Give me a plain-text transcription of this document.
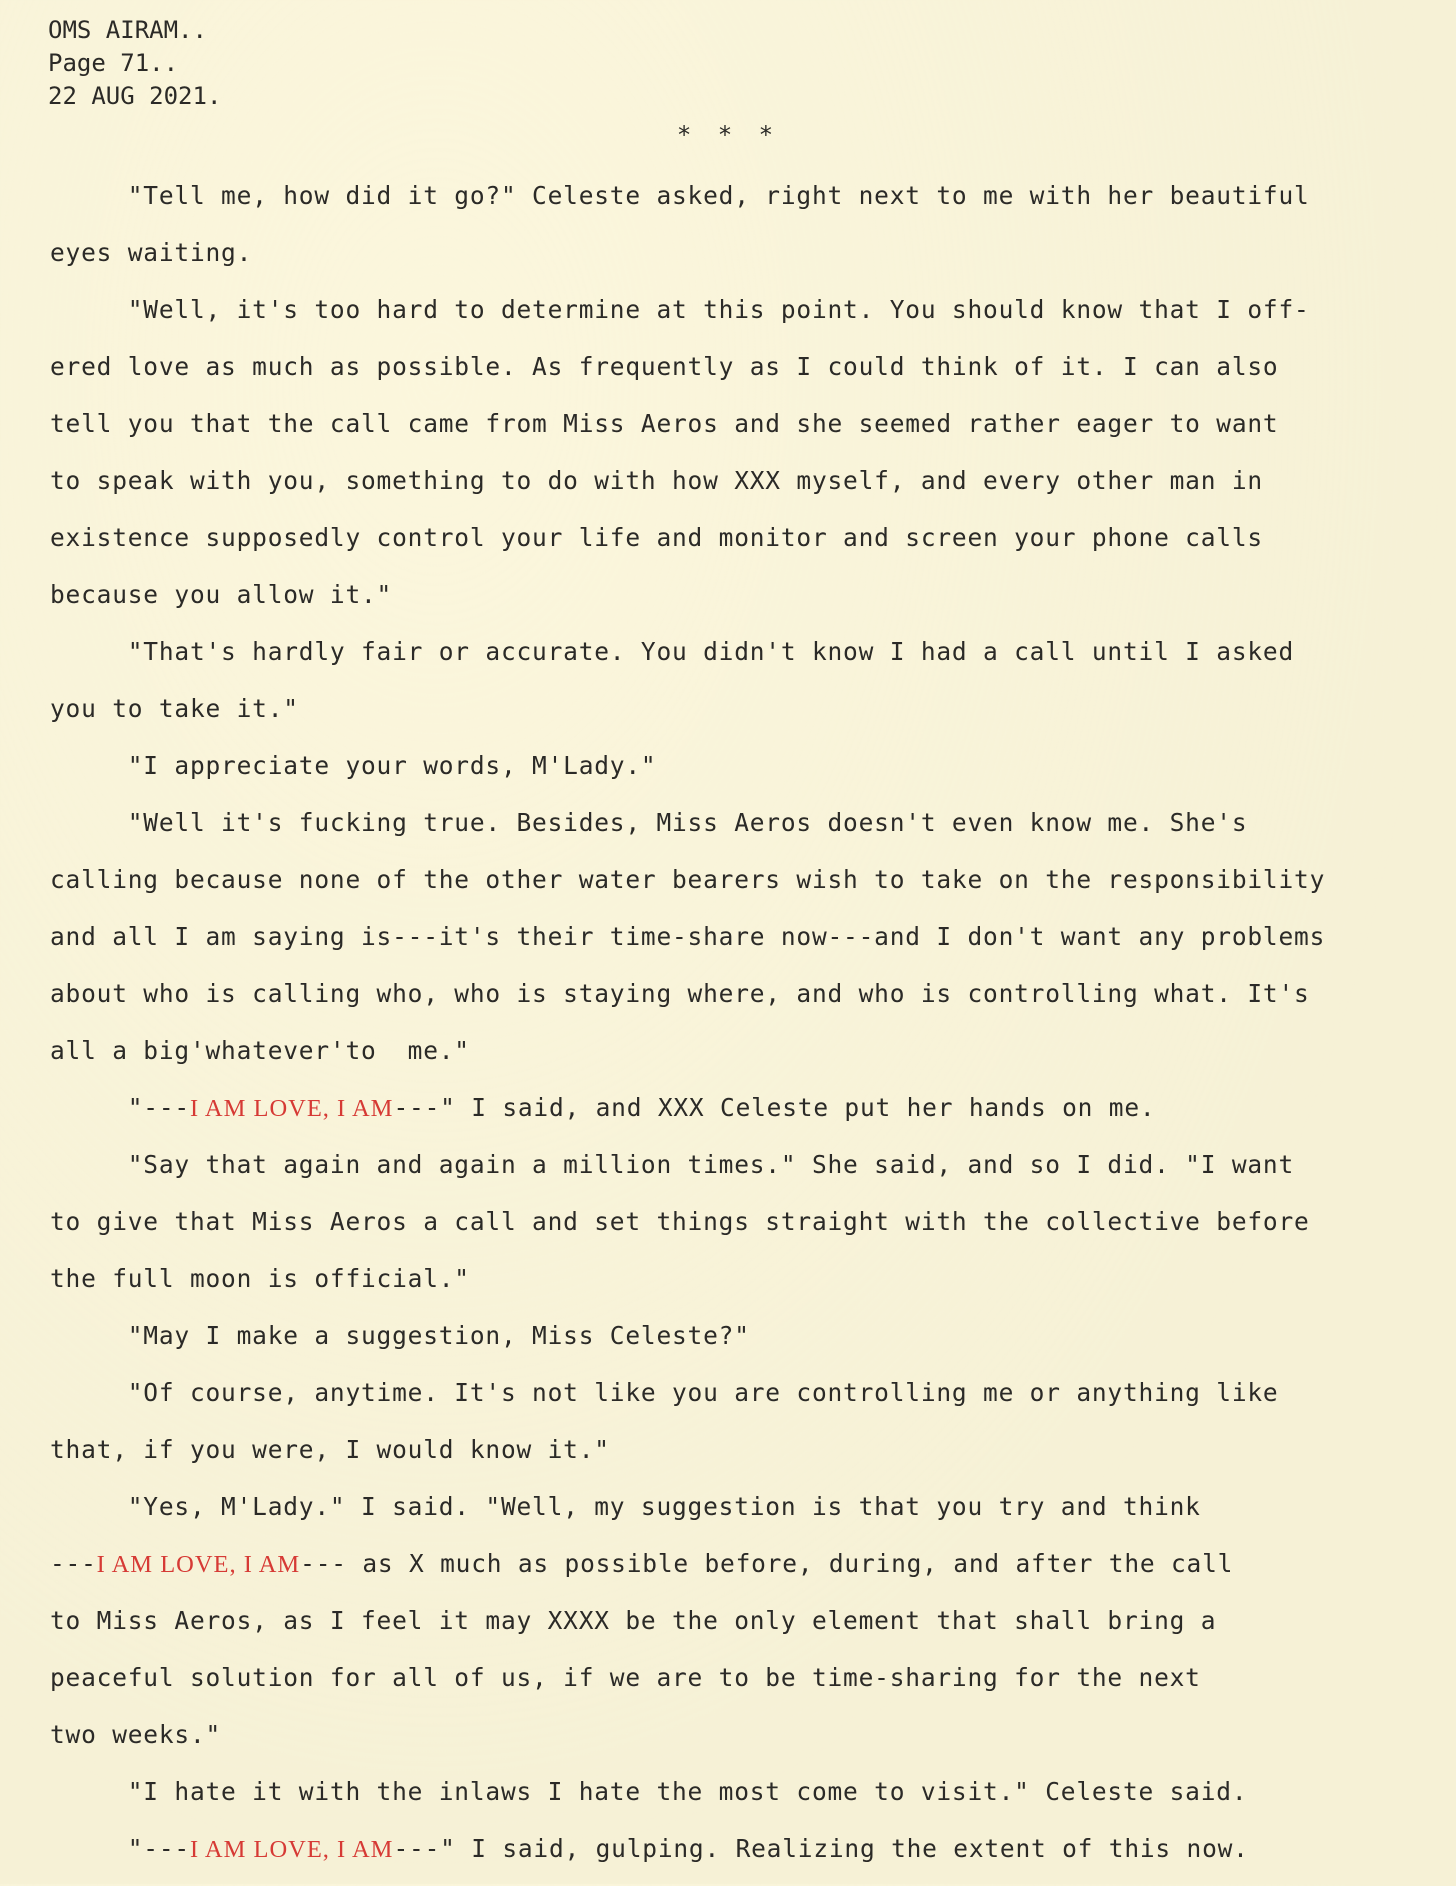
OMS AIRAM..
Page 71..
22 AUG 2021.
* * *
"Tell me, how did it go?" Celeste asked, right next to me with her beautiful
eyes waiting.
"Well, it's too hard to determine at this point. You should know that I off-
ered love as much as possible. As frequently as I could think of it. I can also
tell you that the call came from Miss Aeros and she seemed rather eager to want
to speak with you, something to do with how XXX myself, and every other man in
existence supposedly control your life and monitor and screen your phone calls
because you allow it."
"That's hardly fair or accurate. You didn't know I had a call until I asked
you to take it."
"I appreciate your words, M'Lady."
"Well it's fucking true. Besides, Miss Aeros doesn't even know me. She's
calling because none of the other water bearers wish to take on the responsibility
and all I am saying is---it's their time-share now---and I don't want any problems
about who is calling who, who is staying where, and who is controlling what. It's
all a big'whatever'to  me."
"---I AM LOVE, I AM---" I said, and XXX Celeste put her hands on me.
"Say that again and again a million times." She said, and so I did. "I want
to give that Miss Aeros a call and set things straight with the collective before
the full moon is official."
"May I make a suggestion, Miss Celeste?"
"Of course, anytime. It's not like you are controlling me or anything like
that, if you were, I would know it."
"Yes, M'Lady." I said. "Well, my suggestion is that you try and think
---I AM LOVE, I AM--- as X much as possible before, during, and after the call
to Miss Aeros, as I feel it may XXXX be the only element that shall bring a
peaceful solution for all of us, if we are to be time-sharing for the next
two weeks."
"I hate it with the inlaws I hate the most come to visit." Celeste said.
"---I AM LOVE, I AM---" I said, gulping. Realizing the extent of this now.
